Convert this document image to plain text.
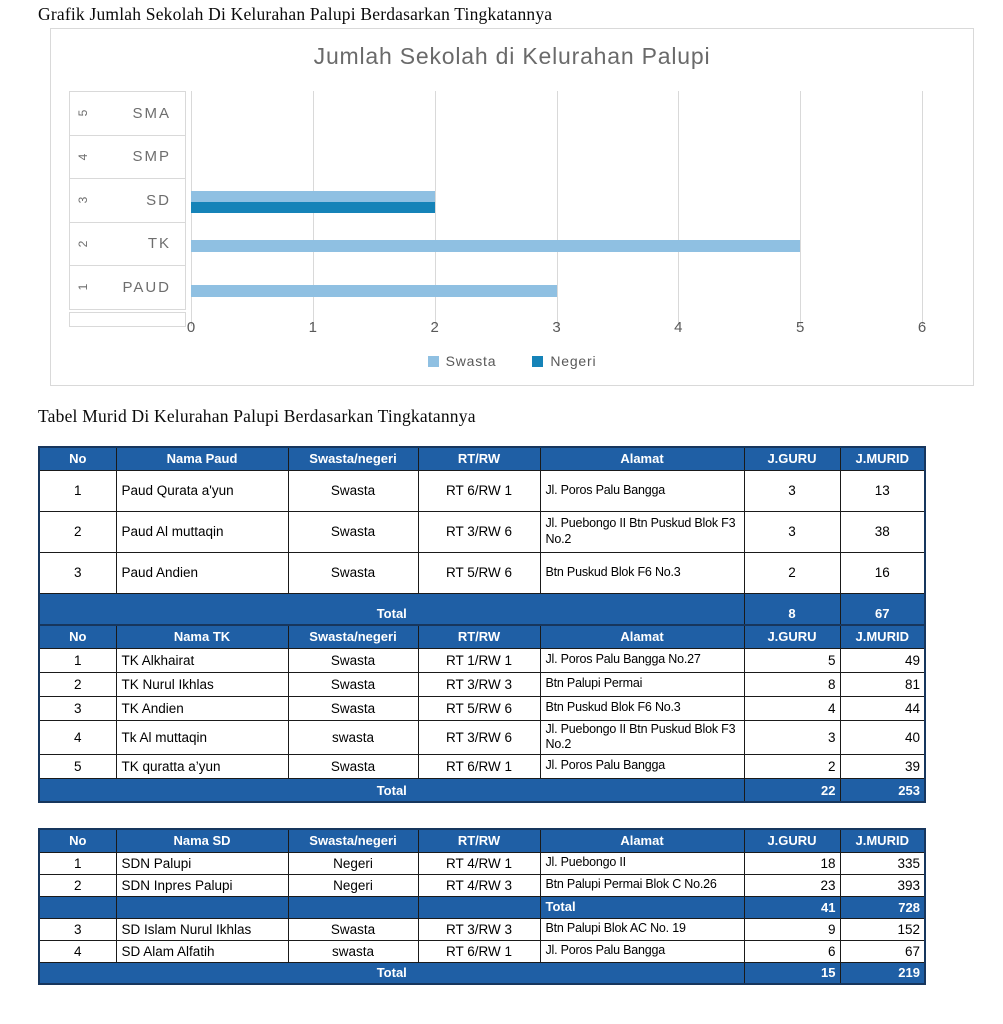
Grafik Jumlah Sekolah Di Kelurahan Palupi Berdasarkan Tingkatannya
Jumlah Sekolah di Kelurahan Palupi
5	SMA
4	SMP
3	SD
2	TK
1	PAUD
0	1	2	3	4	5	6
Swasta	Negeri
Tabel Murid Di Kelurahan Palupi Berdasarkan Tingkatannya
No	Nama Paud	Swasta/negeri	RT/RW	Alamat	J.GURU	J.MURID
1	Paud Qurata a'yun	Swasta	RT 6/RW 1	Jl. Poros Palu Bangga	3	13
2	Paud Al muttaqin	Swasta	RT 3/RW 6	Jl. Puebongo II Btn Puskud Blok F3 No.2	3	38
3	Paud Andien	Swasta	RT 5/RW 6	Btn Puskud Blok F6 No.3	2	16
Total					8	67
No	Nama TK	Swasta/negeri	RT/RW	Alamat	J.GURU	J.MURID
1	TK Alkhairat	Swasta	RT 1/RW 1	Jl. Poros Palu Bangga No.27	5	49
2	TK Nurul Ikhlas	Swasta	RT 3/RW 3	Btn Palupi Permai	8	81
3	TK Andien	Swasta	RT 5/RW 6	Btn Puskud Blok F6 No.3	4	44
4	Tk Al muttaqin	swasta	RT 3/RW 6	Jl. Puebongo II Btn Puskud Blok F3 No.2	3	40
5	TK quratta a’yun	Swasta	RT 6/RW 1	Jl. Poros Palu Bangga	2	39
Total					22	253
No	Nama SD	Swasta/negeri	RT/RW	Alamat	J.GURU	J.MURID
1	SDN Palupi	Negeri	RT 4/RW 1	Jl. Puebongo II	18	335
2	SDN Inpres Palupi	Negeri	RT 4/RW 3	Btn Palupi Permai Blok C No.26	23	393
				Total	41	728
3	SD Islam Nurul Ikhlas	Swasta	RT 3/RW 3	Btn Palupi Blok AC No. 19	9	152
4	SD Alam Alfatih	swasta	RT 6/RW 1	Jl. Poros Palu Bangga	6	67
Total					15	219
